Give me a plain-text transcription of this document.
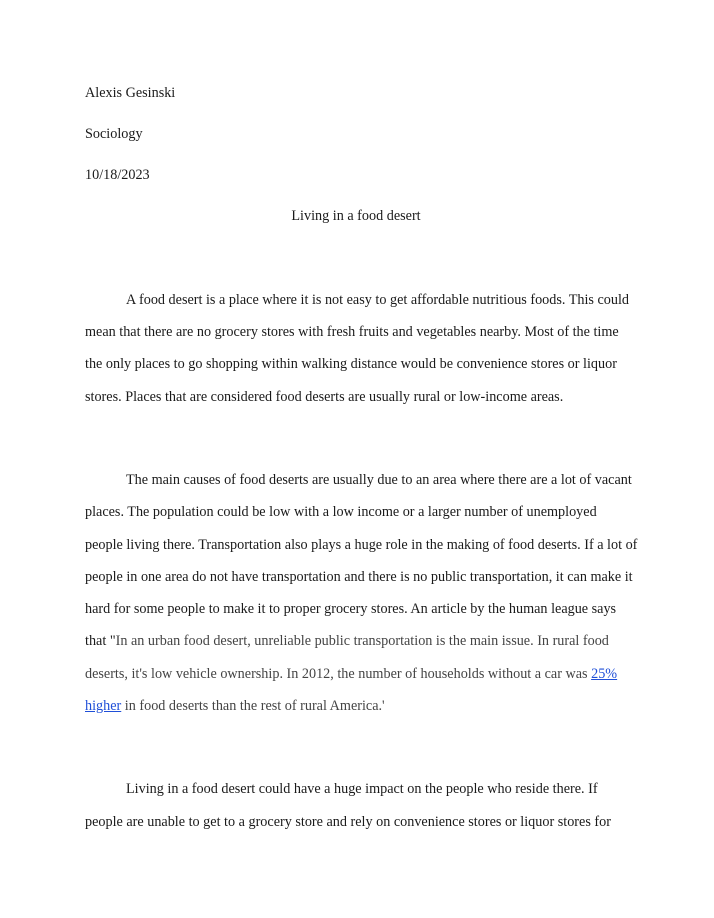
Alexis Gesinski
Sociology
10/18/2023
Living in a food desert
A food desert is a place where it is not easy to get affordable nutritious foods. This could
mean that there are no grocery stores with fresh fruits and vegetables nearby. Most of the time
the only places to go shopping within walking distance would be convenience stores or liquor
stores. Places that are considered food deserts are usually rural or low-income areas.
The main causes of food deserts are usually due to an area where there are a lot of vacant
places. The population could be low with a low income or a larger number of unemployed
people living there. Transportation also plays a huge role in the making of food deserts. If a lot of
people in one area do not have transportation and there is no public transportation, it can make it
hard for some people to make it to proper grocery stores. An article by the human league says
that "In an urban food desert, unreliable public transportation is the main issue. In rural food
deserts, it's low vehicle ownership. In 2012, the number of households without a car was 25%
higher in food deserts than the rest of rural America.'
Living in a food desert could have a huge impact on the people who reside there. If
people are unable to get to a grocery store and rely on convenience stores or liquor stores for
